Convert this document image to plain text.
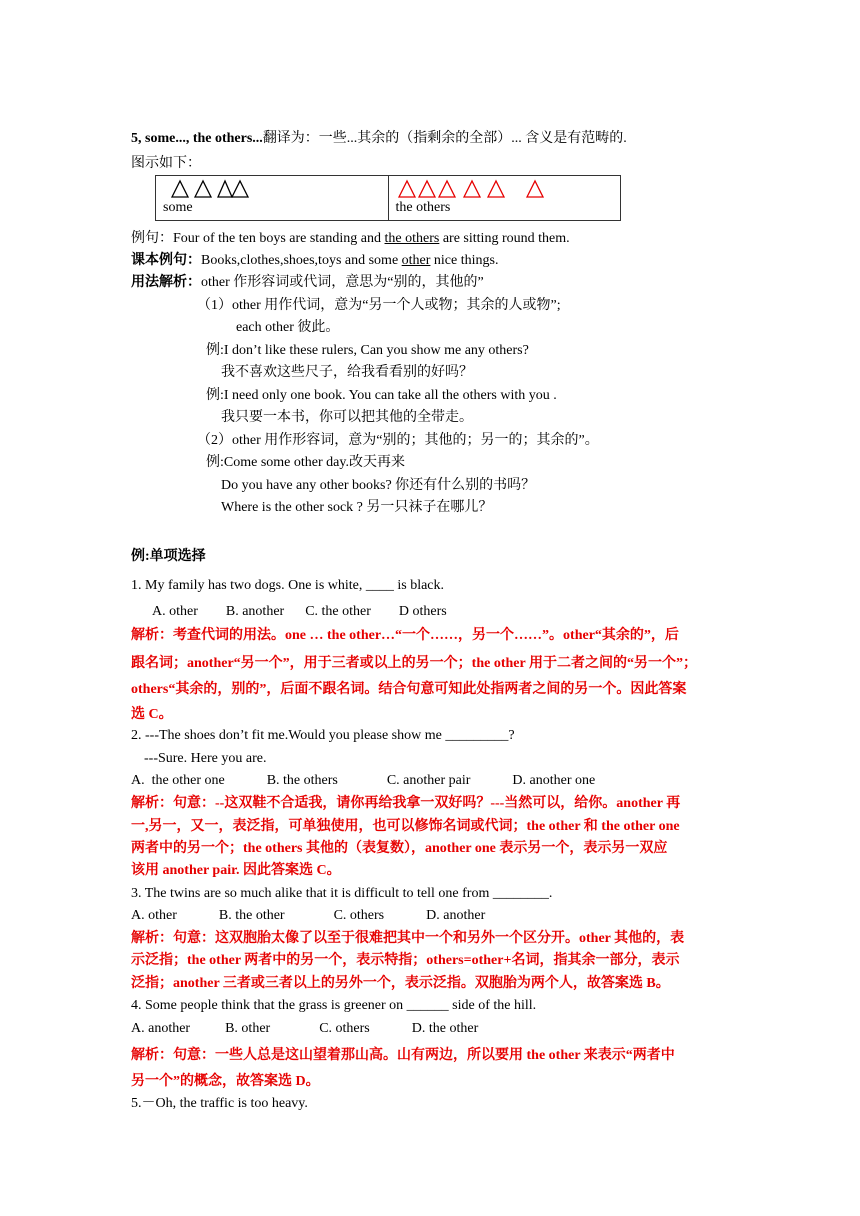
5, some..., the others...翻译为：一些...其余的（指剩余的全部）... 含义是有范畴的.
图示如下：
some	the others
例句：Four of the ten boys are standing and the others are sitting round them.
课本例句：Books,clothes,shoes,toys and some other nice things.
用法解析：other 作形容词或代词，意思为“别的，其他的”
（1）other 用作代词，意为“另一个人或物；其余的人或物”;
each other 彼此。
例:I don’t like these rulers, Can you show me any others?
我不喜欢这些尺子，给我看看别的好吗？
例:I need only one book. You can take all the others with you .
我只要一本书，你可以把其他的全带走。
（2）other 用作形容词，意为“别的；其他的；另一的；其余的”。
例:Come some other day.改天再来
Do you have any other books? 你还有什么别的书吗？
Where is the other sock ? 另一只袜子在哪儿？
例:单项选择
1. My family has two dogs. One is white, ____ is black.
A. other        B. another      C. the other        D others
解析：考查代词的用法。one … the other…“一个……，另一个……”。other“其余的”，后
跟名词；another“另一个”，用于三者或以上的另一个；the other 用于二者之间的“另一个”；
others“其余的，别的”，后面不跟名词。结合句意可知此处指两者之间的另一个。因此答案
选 C。
2. ---The shoes don’t fit me.Would you please show me _________?
---Sure. Here you are.
A.  the other one            B. the others              C. another pair            D. another one
解析：句意：--这双鞋不合适我，请你再给我拿一双好吗？---当然可以，给你。another 再
一,另一，又一，表泛指，可单独使用，也可以修饰名词或代词；the other 和 the other one
两者中的另一个；the others 其他的（表复数），another one 表示另一个，表示另一双应
该用 another pair. 因此答案选 C。
3. The twins are so much alike that it is difficult to tell one from ________.
A. other            B. the other              C. others            D. another
解析：句意：这双胞胎太像了以至于很难把其中一个和另外一个区分开。other 其他的，表
示泛指；the other 两者中的另一个，表示特指；others=other+名词，指其余一部分，表示
泛指；another 三者或三者以上的另外一个，表示泛指。双胞胎为两个人，故答案选 B。
4. Some people think that the grass is greener on ______ side of the hill.
A. another          B. other              C. others            D. the other
解析：句意：一些人总是这山望着那山高。山有两边，所以要用 the other 来表示“两者中
另一个”的概念，故答案选 D。
5.－Oh, the traffic is too heavy.
